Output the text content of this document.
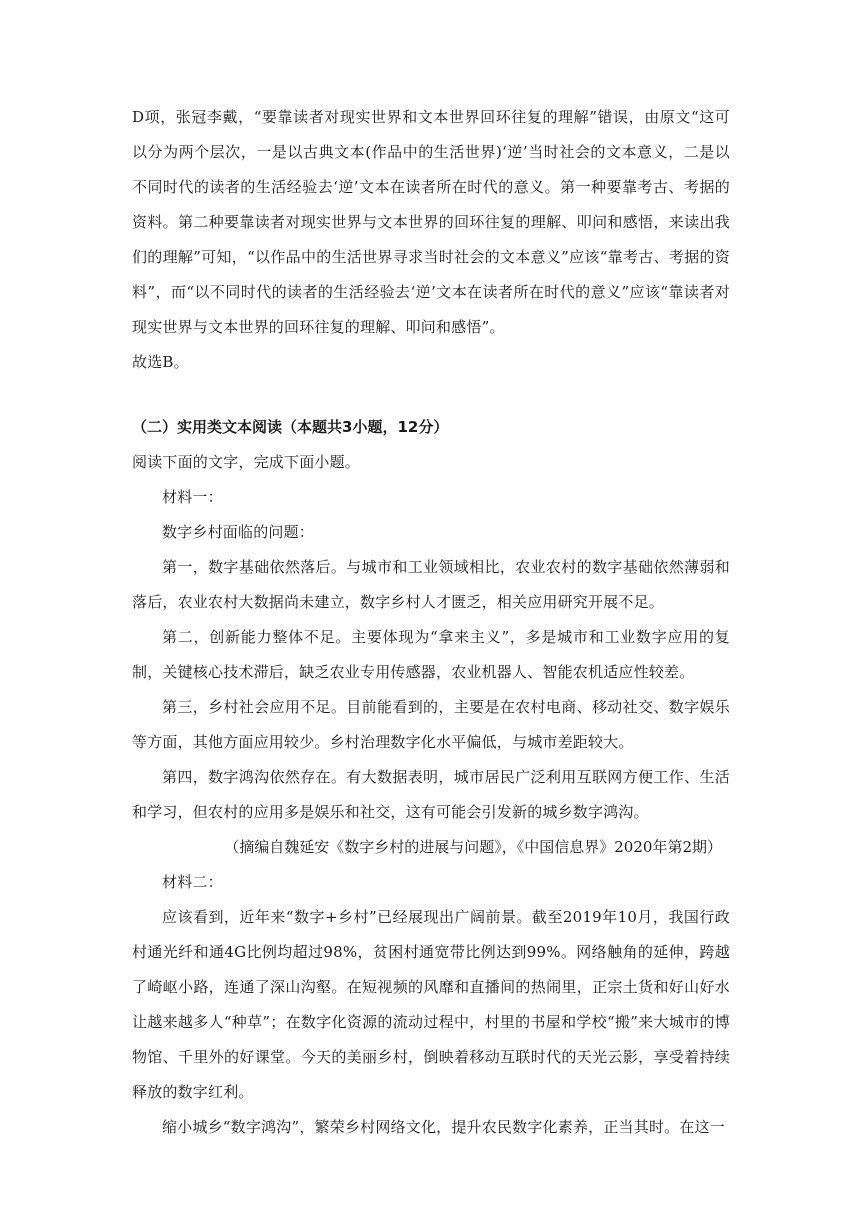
D项，张冠李戴，“要靠读者对现实世界和文本世界回环往复的理解”错误，由原文“这可以分为两个层次，一是以古典文本(作品中的生活世界)‘逆’当时社会的文本意义，二是以不同时代的读者的生活经验去‘逆’文本在读者所在时代的意义。第一种要靠考古、考据的资料。第二种要靠读者对现实世界与文本世界的回环往复的理解、叩问和感悟，来读出我们的理解”可知，“以作品中的生活世界寻求当时社会的文本意义”应该“靠考古、考据的资料”，而“以不同时代的读者的生活经验去‘逆’文本在读者所在时代的意义”应该“靠读者对现实世界与文本世界的回环往复的理解、叩问和感悟”。

故选B。

（二）实用类文本阅读（本题共3小题，12分）

阅读下面的文字，完成下面小题。

材料一：

数字乡村面临的问题：

第一，数字基础依然落后。与城市和工业领域相比，农业农村的数字基础依然薄弱和落后，农业农村大数据尚未建立，数字乡村人才匮乏，相关应用研究开展不足。

第二，创新能力整体不足。主要体现为“拿来主义”，多是城市和工业数字应用的复制，关键核心技术滞后，缺乏农业专用传感器，农业机器人、智能农机适应性较差。

第三，乡村社会应用不足。目前能看到的，主要是在农村电商、移动社交、数字娱乐等方面，其他方面应用较少。乡村治理数字化水平偏低，与城市差距较大。

第四，数字鸿沟依然存在。有大数据表明，城市居民广泛利用互联网方便工作、生活和学习，但农村的应用多是娱乐和社交，这有可能会引发新的城乡数字鸿沟。

（摘编自魏延安《数字乡村的进展与问题》，《中国信息界》2020年第2期）

材料二：

应该看到，近年来“数字+乡村”已经展现出广阔前景。截至2019年10月，我国行政村通光纤和通4G比例均超过98%，贫困村通宽带比例达到99%。网络触角的延伸，跨越了崎岖小路，连通了深山沟壑。在短视频的风靡和直播间的热闹里，正宗土货和好山好水让越来越多人“种草”；在数字化资源的流动过程中，村里的书屋和学校“搬”来大城市的博物馆、千里外的好课堂。今天的美丽乡村，倒映着移动互联时代的天光云影，享受着持续释放的数字红利。

缩小城乡“数字鸿沟”，繁荣乡村网络文化，提升农民数字化素养，正当其时。在这一
